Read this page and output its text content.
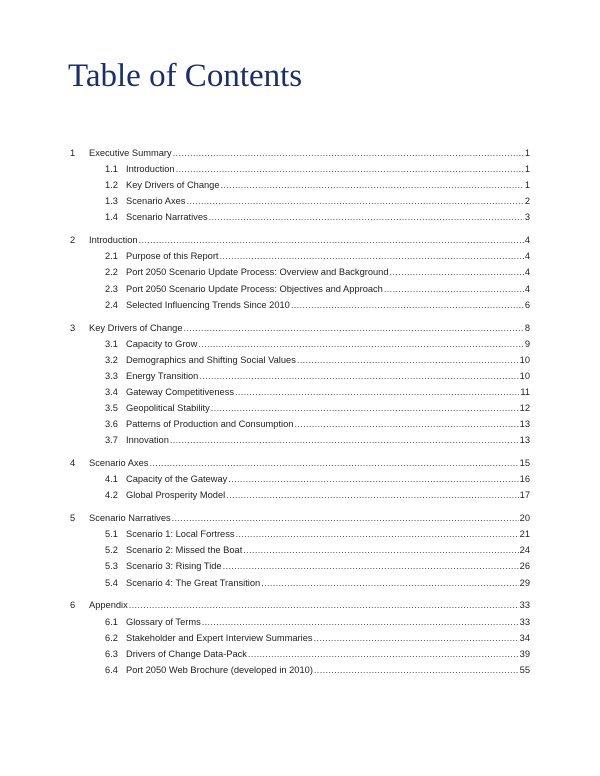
Table of Contents
1	Executive Summary .....	1
1.1 Introduction .....	1
1.2 Key Drivers of Change .....	1
1.3 Scenario Axes .....	2
1.4 Scenario Narratives .....	3
2	Introduction .....	4
2.1 Purpose of this Report .....	4
2.2 Port 2050 Scenario Update Process: Overview and Background .....	4
2.3 Port 2050 Scenario Update Process: Objectives and Approach .....	4
2.4 Selected Influencing Trends Since 2010 .....	6
3	Key Drivers of Change .....	8
3.1 Capacity to Grow .....	9
3.2 Demographics and Shifting Social Values .....	10
3.3 Energy Transition .....	10
3.4 Gateway Competitiveness .....	11
3.5 Geopolitical Stability .....	12
3.6 Patterns of Production and Consumption .....	13
3.7 Innovation .....	13
4	Scenario Axes .....	15
4.1 Capacity of the Gateway .....	16
4.2 Global Prosperity Model .....	17
5	Scenario Narratives .....	20
5.1 Scenario 1: Local Fortress .....	21
5.2 Scenario 2: Missed the Boat .....	24
5.3 Scenario 3: Rising Tide .....	26
5.4 Scenario 4: The Great Transition .....	29
6	Appendix .....	33
6.1 Glossary of Terms .....	33
6.2 Stakeholder and Expert Interview Summaries .....	34
6.3 Drivers of Change Data-Pack .....	39
6.4 Port 2050 Web Brochure (developed in 2010) .....	55
